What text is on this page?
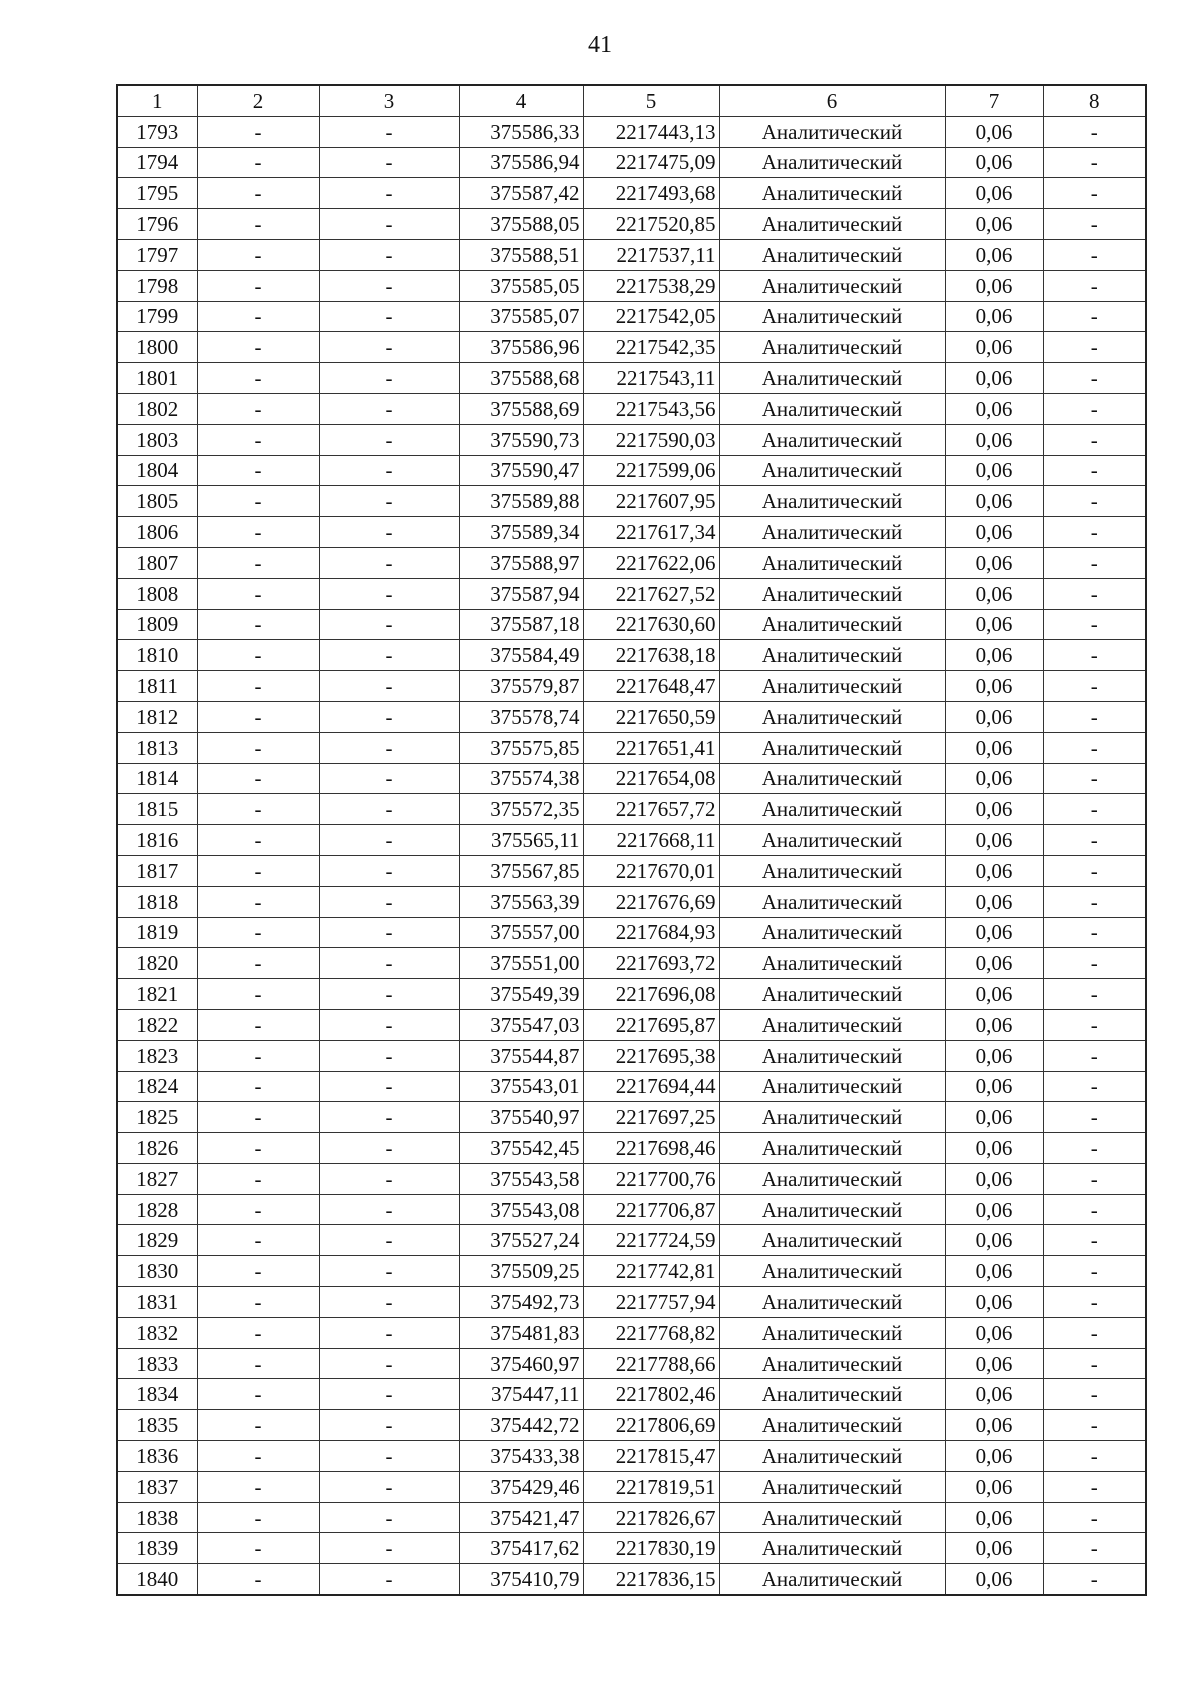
41
1	2	3	4	5	6	7	8
1793	-	-	375586,33	2217443,13	Аналитический	0,06	-
1794	-	-	375586,94	2217475,09	Аналитический	0,06	-
1795	-	-	375587,42	2217493,68	Аналитический	0,06	-
1796	-	-	375588,05	2217520,85	Аналитический	0,06	-
1797	-	-	375588,51	2217537,11	Аналитический	0,06	-
1798	-	-	375585,05	2217538,29	Аналитический	0,06	-
1799	-	-	375585,07	2217542,05	Аналитический	0,06	-
1800	-	-	375586,96	2217542,35	Аналитический	0,06	-
1801	-	-	375588,68	2217543,11	Аналитический	0,06	-
1802	-	-	375588,69	2217543,56	Аналитический	0,06	-
1803	-	-	375590,73	2217590,03	Аналитический	0,06	-
1804	-	-	375590,47	2217599,06	Аналитический	0,06	-
1805	-	-	375589,88	2217607,95	Аналитический	0,06	-
1806	-	-	375589,34	2217617,34	Аналитический	0,06	-
1807	-	-	375588,97	2217622,06	Аналитический	0,06	-
1808	-	-	375587,94	2217627,52	Аналитический	0,06	-
1809	-	-	375587,18	2217630,60	Аналитический	0,06	-
1810	-	-	375584,49	2217638,18	Аналитический	0,06	-
1811	-	-	375579,87	2217648,47	Аналитический	0,06	-
1812	-	-	375578,74	2217650,59	Аналитический	0,06	-
1813	-	-	375575,85	2217651,41	Аналитический	0,06	-
1814	-	-	375574,38	2217654,08	Аналитический	0,06	-
1815	-	-	375572,35	2217657,72	Аналитический	0,06	-
1816	-	-	375565,11	2217668,11	Аналитический	0,06	-
1817	-	-	375567,85	2217670,01	Аналитический	0,06	-
1818	-	-	375563,39	2217676,69	Аналитический	0,06	-
1819	-	-	375557,00	2217684,93	Аналитический	0,06	-
1820	-	-	375551,00	2217693,72	Аналитический	0,06	-
1821	-	-	375549,39	2217696,08	Аналитический	0,06	-
1822	-	-	375547,03	2217695,87	Аналитический	0,06	-
1823	-	-	375544,87	2217695,38	Аналитический	0,06	-
1824	-	-	375543,01	2217694,44	Аналитический	0,06	-
1825	-	-	375540,97	2217697,25	Аналитический	0,06	-
1826	-	-	375542,45	2217698,46	Аналитический	0,06	-
1827	-	-	375543,58	2217700,76	Аналитический	0,06	-
1828	-	-	375543,08	2217706,87	Аналитический	0,06	-
1829	-	-	375527,24	2217724,59	Аналитический	0,06	-
1830	-	-	375509,25	2217742,81	Аналитический	0,06	-
1831	-	-	375492,73	2217757,94	Аналитический	0,06	-
1832	-	-	375481,83	2217768,82	Аналитический	0,06	-
1833	-	-	375460,97	2217788,66	Аналитический	0,06	-
1834	-	-	375447,11	2217802,46	Аналитический	0,06	-
1835	-	-	375442,72	2217806,69	Аналитический	0,06	-
1836	-	-	375433,38	2217815,47	Аналитический	0,06	-
1837	-	-	375429,46	2217819,51	Аналитический	0,06	-
1838	-	-	375421,47	2217826,67	Аналитический	0,06	-
1839	-	-	375417,62	2217830,19	Аналитический	0,06	-
1840	-	-	375410,79	2217836,15	Аналитический	0,06	-
